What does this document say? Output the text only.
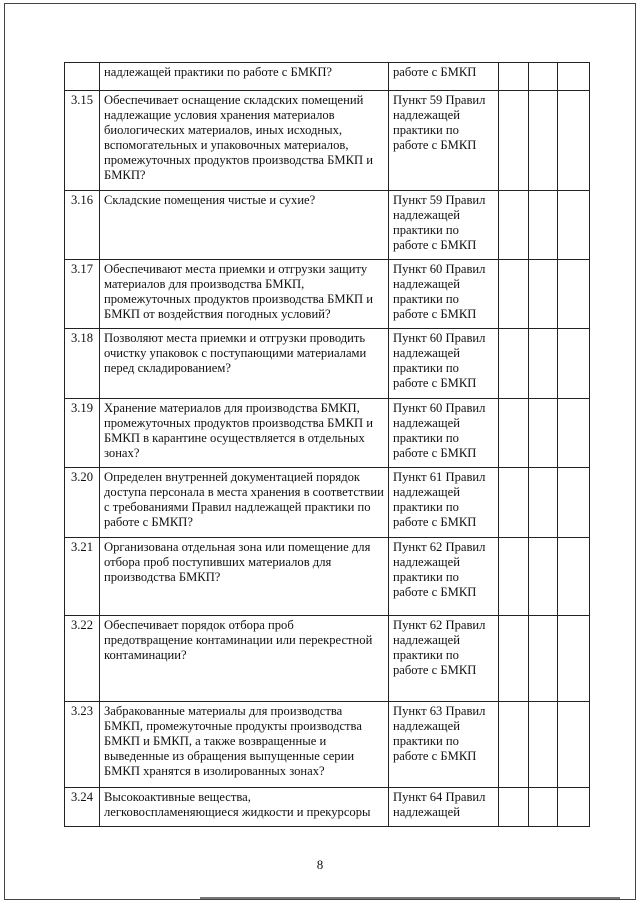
	надлежащей практики по работе с БМКП?	работе с БМКП			
3.15	Обеспечивает оснащение складских помещений надлежащие условия хранения материалов биологических материалов, иных исходных, вспомогательных и упаковочных материалов, промежуточных продуктов производства БМКП и БМКП?	Пункт 59 Правил надлежащей практики по работе с БМКП			
3.16	Складские помещения чистые и сухие?	Пункт 59 Правил надлежащей практики по работе с БМКП			
3.17	Обеспечивают места приемки и отгрузки защиту материалов для производства БМКП, промежуточных продуктов производства БМКП и БМКП от воздействия погодных условий?	Пункт 60 Правил надлежащей практики по работе с БМКП			
3.18	Позволяют места приемки и отгрузки проводить очистку упаковок с поступающими материалами перед складированием?	Пункт 60 Правил надлежащей практики по работе с БМКП			
3.19	Хранение материалов для производства БМКП, промежуточных продуктов производства БМКП и БМКП в карантине осуществляется в отдельных зонах?	Пункт 60 Правил надлежащей практики по работе с БМКП			
3.20	Определен внутренней документацией порядок доступа персонала в места хранения в соответствии с требованиями Правил надлежащей практики по работе с БМКП?	Пункт 61 Правил надлежащей практики по работе с БМКП			
3.21	Организована отдельная зона или помещение для отбора проб поступивших материалов для производства БМКП?	Пункт 62 Правил надлежащей практики по работе с БМКП			
3.22	Обеспечивает порядок отбора проб предотвращение контаминации или перекрестной контаминации?	Пункт 62 Правил надлежащей практики по работе с БМКП			
3.23	Забракованные материалы для производства БМКП, промежуточные продукты производства БМКП и БМКП, а также возвращенные и выведенные из обращения выпущенные серии БМКП хранятся в изолированных зонах?	Пункт 63 Правил надлежащей практики по работе с БМКП			
3.24	Высокоактивные вещества, легковоспламеняющиеся жидкости и прекурсоры	Пункт 64 Правил надлежащей			
8
